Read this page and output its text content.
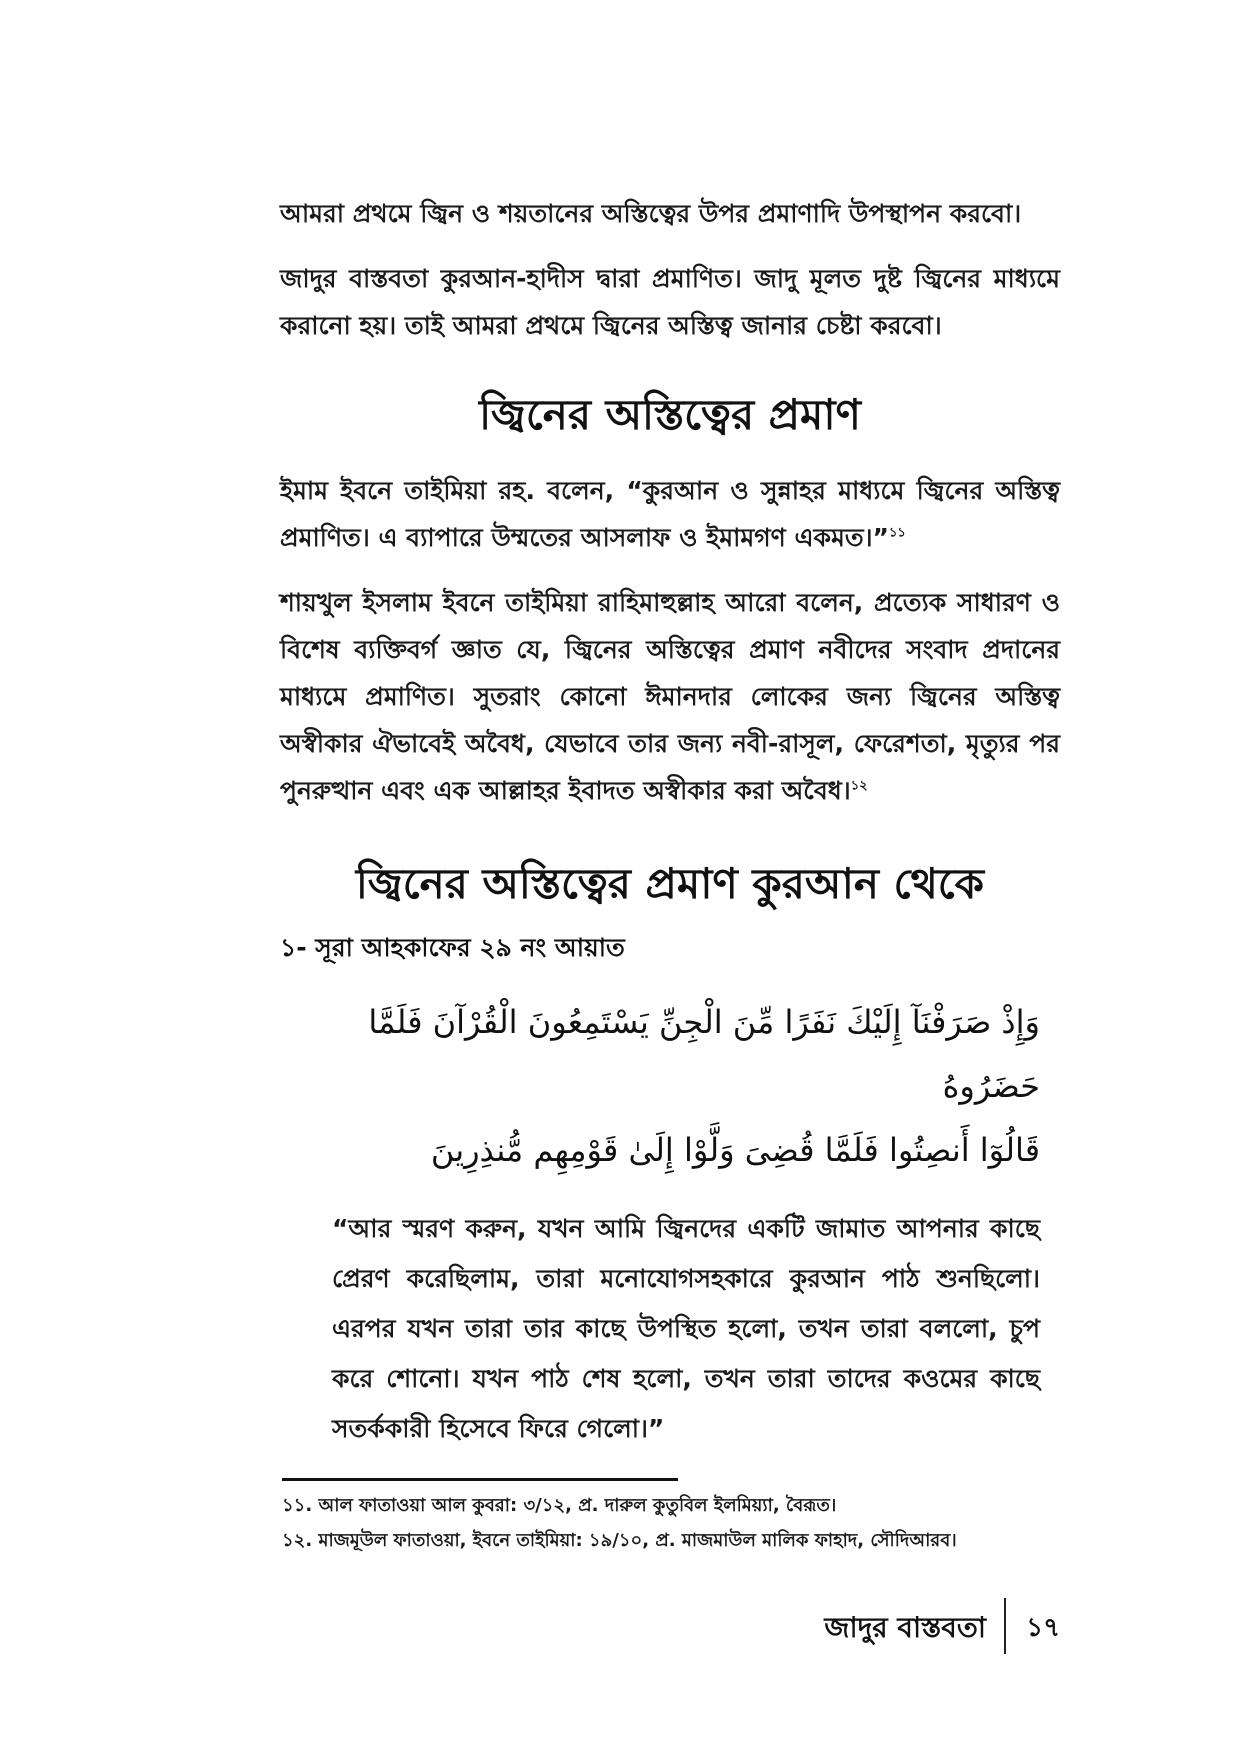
আমরা প্রথমে জ্বিন ও শয়তানের অস্তিত্বের উপর প্রমাণাদি উপস্থাপন করবো।

জাদুর বাস্তবতা কুরআন-হাদীস দ্বারা প্রমাণিত। জাদু মূলত দুষ্ট জ্বিনের মাধ্যমে করানো হয়। তাই আমরা প্রথমে জ্বিনের অস্তিত্ব জানার চেষ্টা করবো।

জ্বিনের অস্তিত্বের প্রমাণ

ইমাম ইবনে তাইমিয়া রহ. বলেন, “কুরআন ও সুন্নাহর মাধ্যমে জ্বিনের অস্তিত্ব প্রমাণিত। এ ব্যাপারে উম্মতের আসলাফ ও ইমামগণ একমত।”$^{১১}$

শায়খুল ইসলাম ইবনে তাইমিয়া রাহিমাহুল্লাহ আরো বলেন, প্রত্যেক সাধারণ ও বিশেষ ব্যক্তিবর্গ জ্ঞাত যে, জ্বিনের অস্তিত্বের প্রমাণ নবীদের সংবাদ প্রদানের মাধ্যমে প্রমাণিত। সুতরাং কোনো ঈমানদার লোকের জন্য জ্বিনের অস্তিত্ব অস্বীকার ঐভাবেই অবৈধ, যেভাবে তার জন্য নবী-রাসূল, ফেরেশতা, মৃত্যুর পর পুনরুত্থান এবং এক আল্লাহর ইবাদত অস্বীকার করা অবৈধ।$^{১২}$

জ্বিনের অস্তিত্বের প্রমাণ কুরআন থেকে

১- সূরা আহকাফের ২৯ নং আয়াত

وَإِذْ صَرَفْنَآ إِلَيْكَ نَفَرًا مِّنَ الْجِنِّ يَسْتَمِعُونَ الْقُرْآنَ فَلَمَّا حَضَرُوهُ

قَالُوٓا أَنصِتُوا فَلَمَّا قُضِىَ وَلَّوْا إِلَىٰ قَوْمِهِم مُّنذِرِينَ

“আর স্মরণ করুন, যখন আমি জ্বিনদের একটি জামাত আপনার কাছে প্রেরণ করেছিলাম, তারা মনোযোগসহকারে কুরআন পাঠ শুনছিলো। এরপর যখন তারা তার কাছে উপস্থিত হলো, তখন তারা বললো, চুপ করে শোনো। যখন পাঠ শেষ হলো, তখন তারা তাদের কওমের কাছে সতর্ককারী হিসেবে ফিরে গেলো।”

১১. আল ফাতাওয়া আল কুবরা: ৩/১২, প্র. দারুল কুতুবিল ইলমিয়্যা, বৈরূত।

১২. মাজমূউল ফাতাওয়া, ইবনে তাইমিয়া: ১৯/১০, প্র. মাজমাউল মালিক ফাহাদ, সৌদিআরব।

জাদুর বাস্তবতা ১৭
